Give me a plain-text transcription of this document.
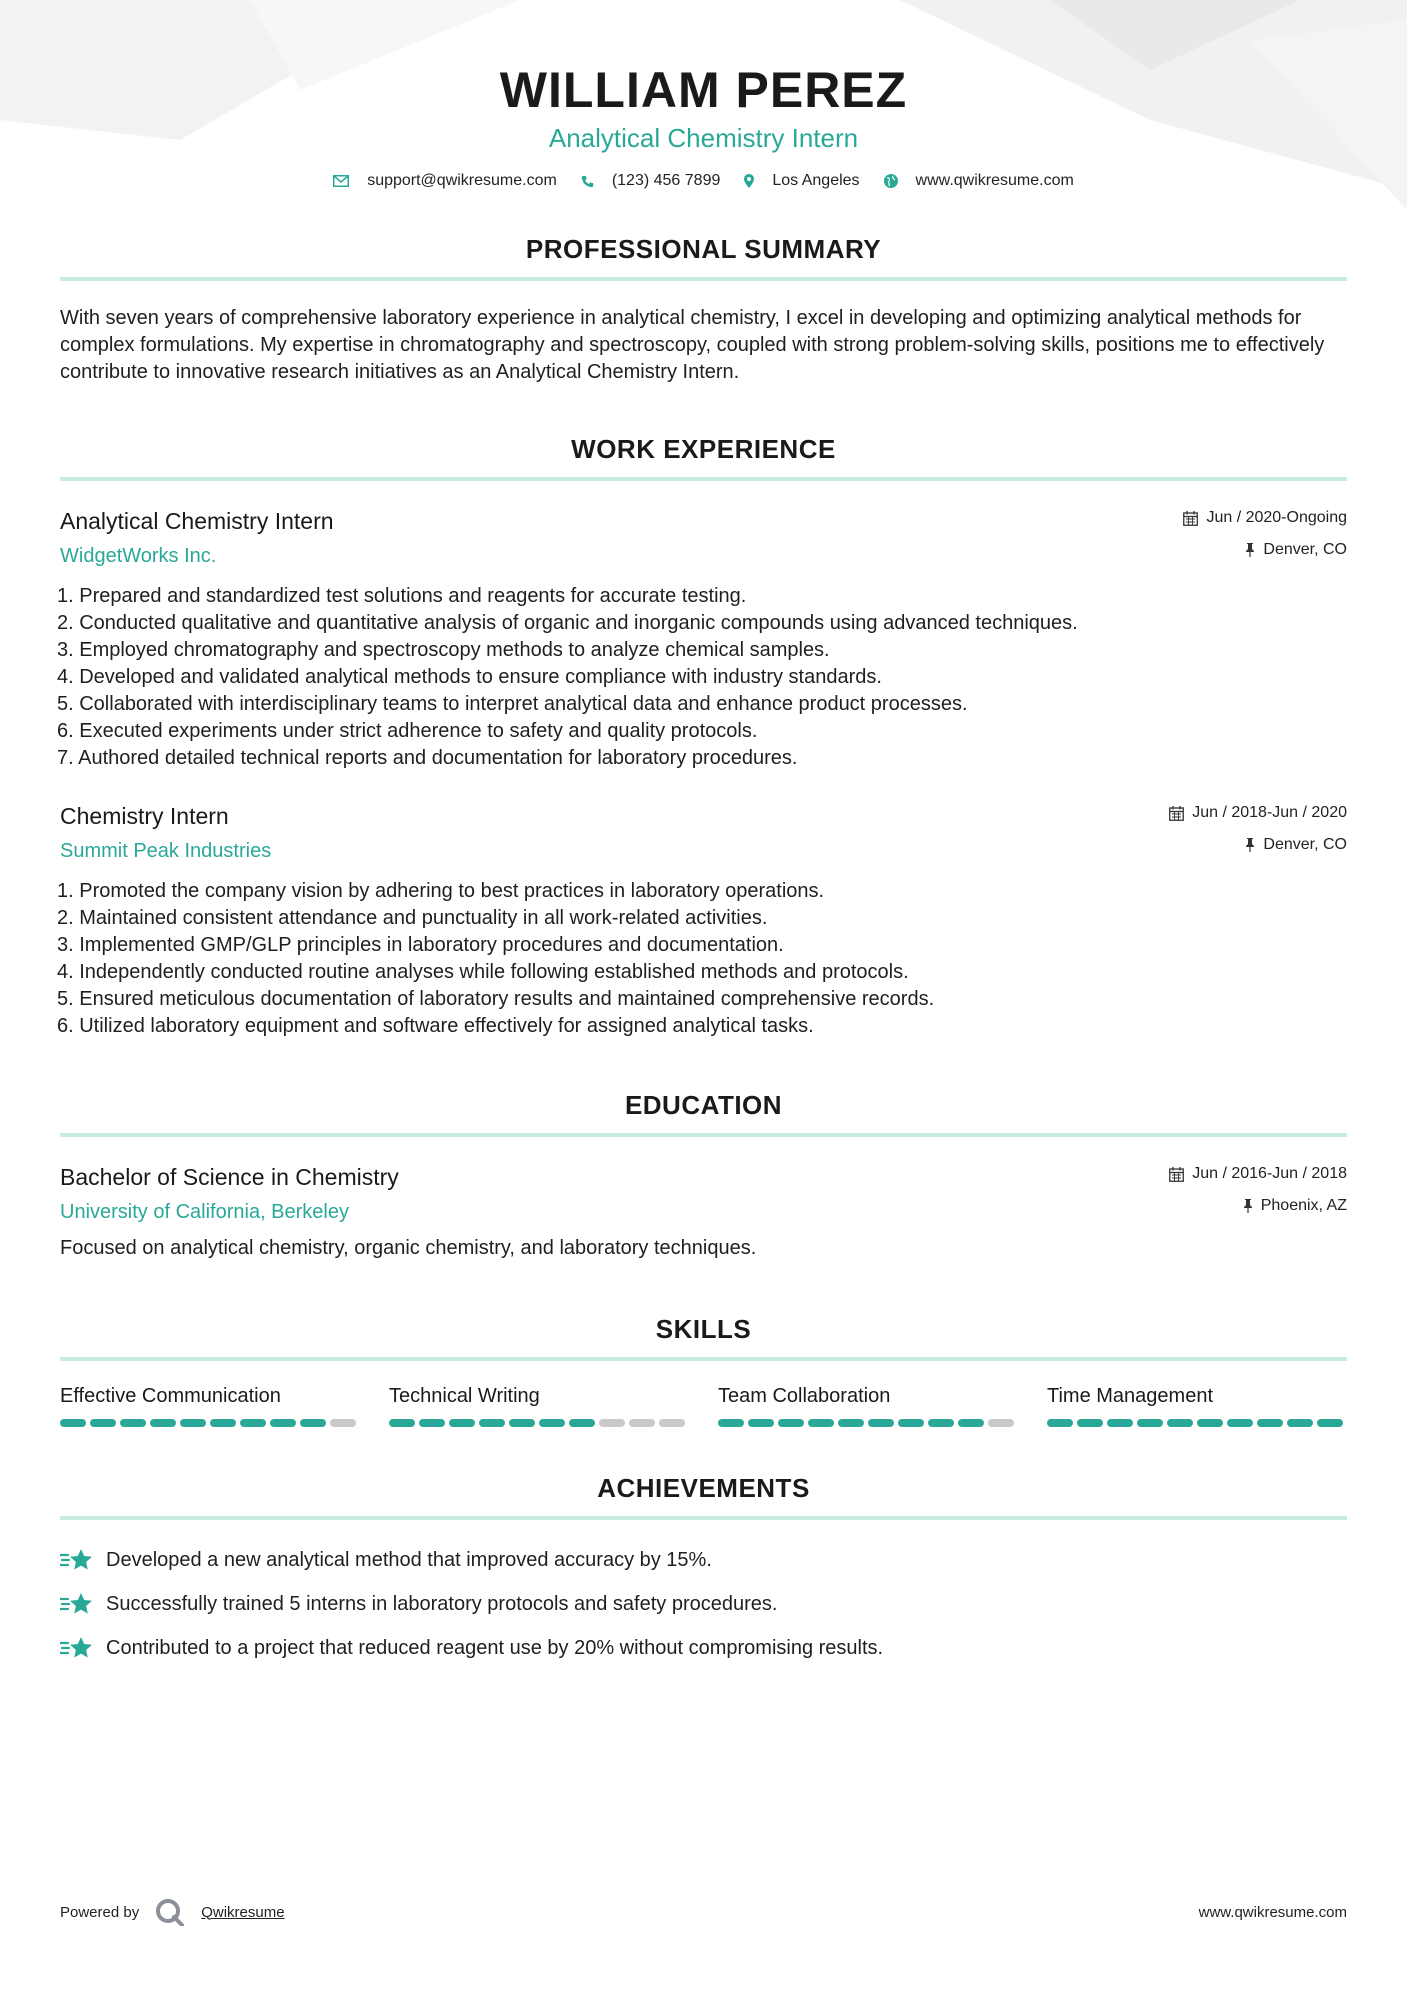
WILLIAM PEREZ
Analytical Chemistry Intern
support@qwikresume.com	(123) 456 7899	Los Angeles	www.qwikresume.com
PROFESSIONAL SUMMARY

With seven years of comprehensive laboratory experience in analytical chemistry, I excel in developing and optimizing analytical methods for complex formulations. My expertise in chromatography and spectroscopy, coupled with strong problem-solving skills, positions me to effectively contribute to innovative research initiatives as an Analytical Chemistry Intern.

WORK EXPERIENCE
Analytical Chemistry Intern
WidgetWorks Inc.
Jun / 2020-Ongoing
Denver, CO
1. Prepared and standardized test solutions and reagents for accurate testing.
2. Conducted qualitative and quantitative analysis of organic and inorganic compounds using advanced techniques.
3. Employed chromatography and spectroscopy methods to analyze chemical samples.
4. Developed and validated analytical methods to ensure compliance with industry standards.
5. Collaborated with interdisciplinary teams to interpret analytical data and enhance product processes.
6. Executed experiments under strict adherence to safety and quality protocols.
7. Authored detailed technical reports and documentation for laboratory procedures.
Chemistry Intern
Summit Peak Industries
Jun / 2018-Jun / 2020
Denver, CO
1. Promoted the company vision by adhering to best practices in laboratory operations.
2. Maintained consistent attendance and punctuality in all work-related activities.
3. Implemented GMP/GLP principles in laboratory procedures and documentation.
4. Independently conducted routine analyses while following established methods and protocols.
5. Ensured meticulous documentation of laboratory results and maintained comprehensive records.
6. Utilized laboratory equipment and software effectively for assigned analytical tasks.
EDUCATION
Bachelor of Science in Chemistry
University of California, Berkeley
Jun / 2016-Jun / 2018
Phoenix, AZ

Focused on analytical chemistry, organic chemistry, and laboratory techniques.

SKILLS
Effective Communication	Technical Writing	Team Collaboration	Time Management
ACHIEVEMENTS
Developed a new analytical method that improved accuracy by 15%.
Successfully trained 5 interns in laboratory protocols and safety procedures.
Contributed to a project that reduced reagent use by 20% without compromising results.
Powered by	Qwikresume	www.qwikresume.com
